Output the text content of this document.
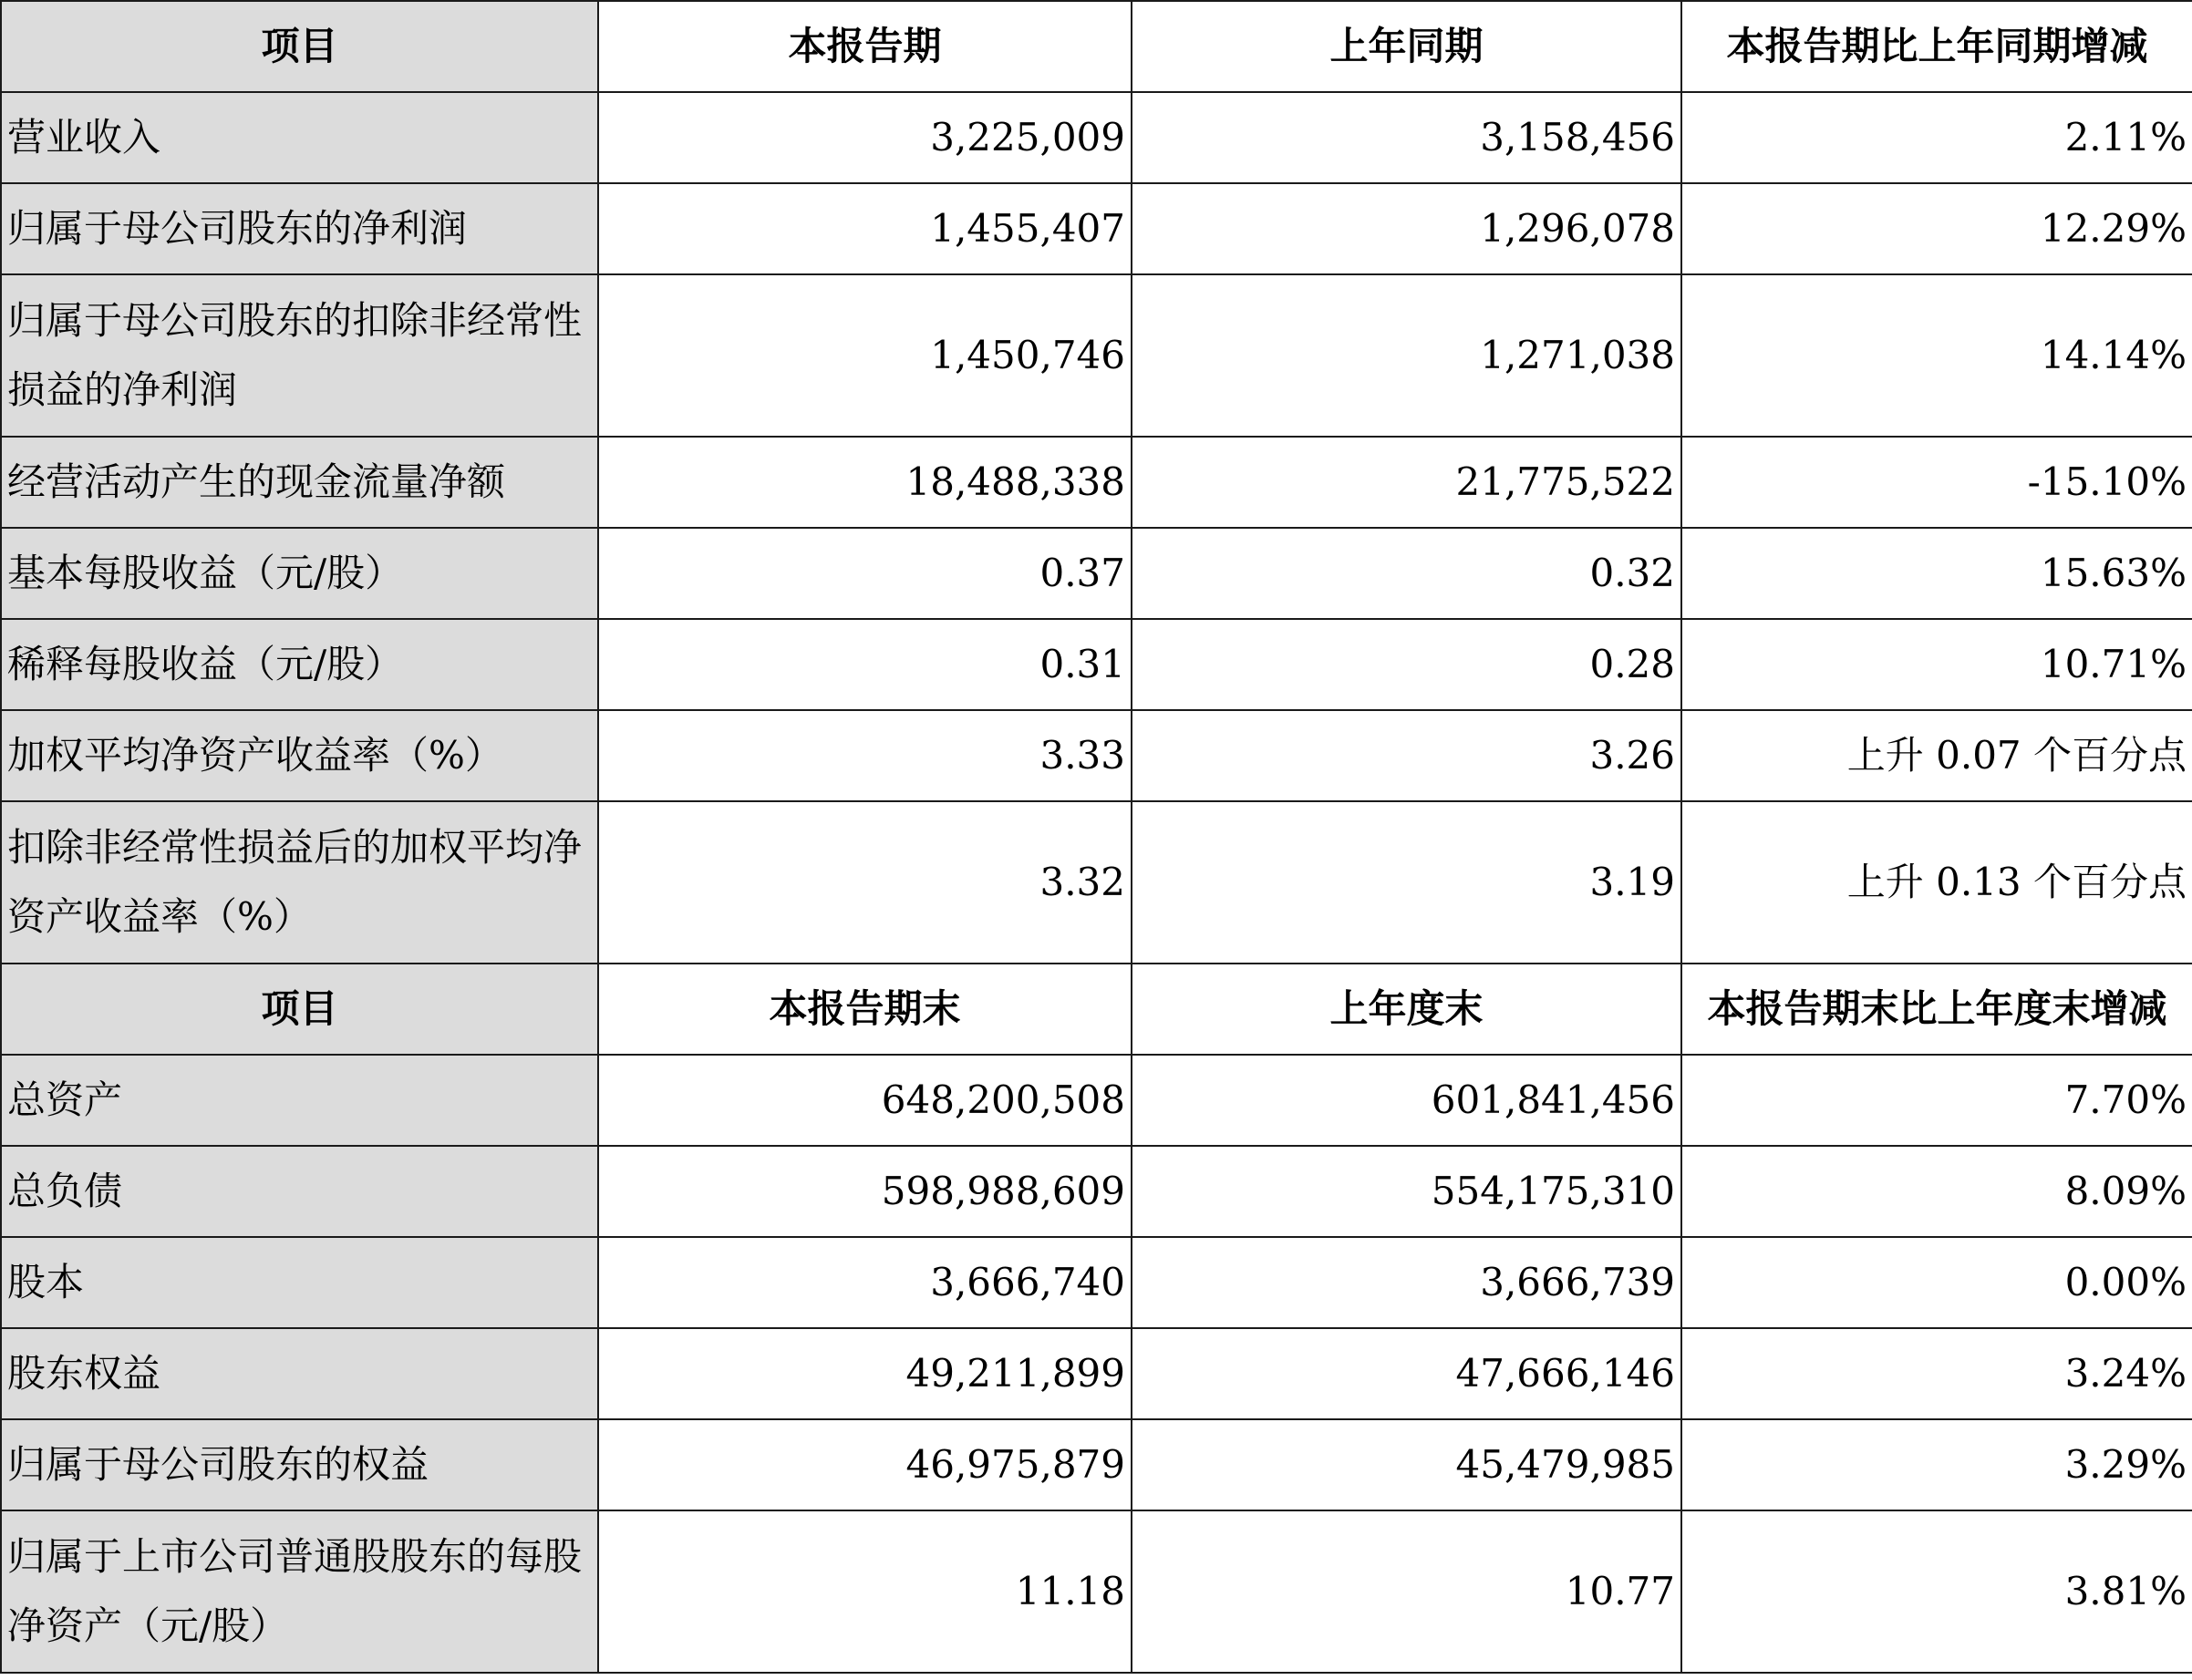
项目	本报告期	上年同期	本报告期比上年同期增减
营业收入	3,225,009	3,158,456	2.11%
归属于母公司股东的净利润	1,455,407	1,296,078	12.29%
归属于母公司股东的扣除非经常性损益的净利润	1,450,746	1,271,038	14.14%
经营活动产生的现金流量净额	18,488,338	21,775,522	-15.10%
基本每股收益（元/股）	0.37	0.32	15.63%
稀释每股收益（元/股）	0.31	0.28	10.71%
加权平均净资产收益率（%）	3.33	3.26	上升 0.07 个百分点
扣除非经常性损益后的加权平均净资产收益率（%）	3.32	3.19	上升 0.13 个百分点
项目	本报告期末	上年度末	本报告期末比上年度末增减
总资产	648,200,508	601,841,456	7.70%
总负债	598,988,609	554,175,310	8.09%
股本	3,666,740	3,666,739	0.00%
股东权益	49,211,899	47,666,146	3.24%
归属于母公司股东的权益	46,975,879	45,479,985	3.29%
归属于上市公司普通股股东的每股净资产（元/股）	11.18	10.77	3.81%
